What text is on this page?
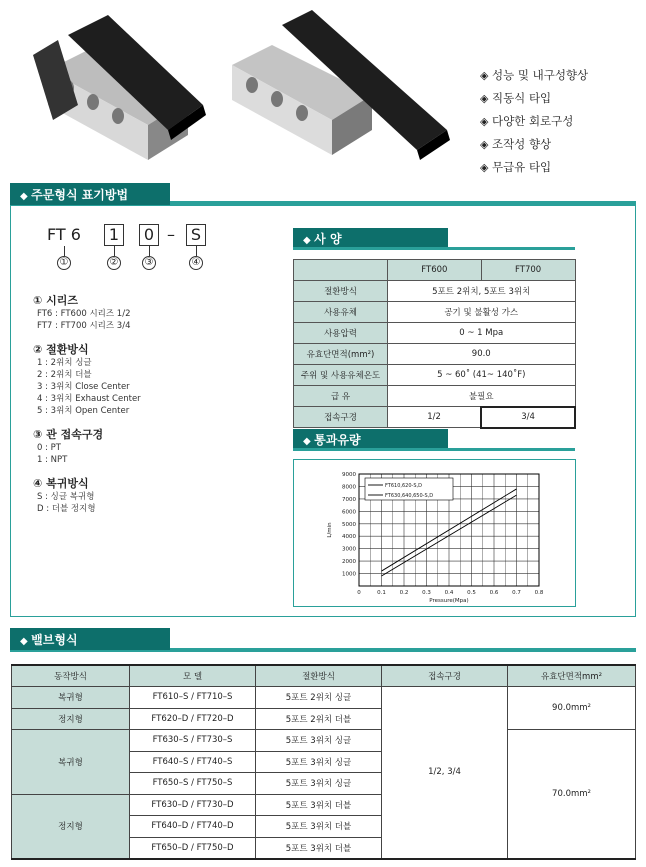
◈ 성능 및 내구성향상
◈ 직동식 타입
◈ 다양한 회로구성
◈ 조작성 향상
◈ 무급유 타입
◆ 주문형식 표기방법
FT 6	1	0 – S
①	②	③	④
① 시리즈
FT6 : FT600 시리즈 1/2
FT7 : FT700 시리즈 3/4
② 절환방식
1 : 2위치 싱글
2 : 2위치 더블
3 : 3위치 Close Center
4 : 3위치 Exhaust Center
5 : 3위치 Open Center
③ 관 접속구경
0 : PT
1 : NPT
④ 복귀방식
S : 싱글 복귀형
D : 더블 정지형
◆ 사 양
	FT600	FT700
절환방식	5포트 2위치, 5포트 3위치	
사용유체	공기 및 불활성 가스	
사용압력	0 ~ 1 Mpa	
유효단면적(mm²)	90.0	
주위 및 사용유체온도	5 ~ 60˚ (41~ 140˚F)	
급 유	불필요	
접속구경	1/2	3/4
◆ 통과유량
9000
8000
7000
6000
5000
4000
3000
2000
1000
0	0.1	0.2	0.3	0.4	0.5	0.6	0.7	0.8
Pressure(Mpa)
L/min
FT610,620-S,D
FT630,640,650-S,D
◆ 밸브형식
동작방식	모 델	절환방식	접속구경	유효단면적mm²
복귀형	FT610–S / FT710–S	5포트 2위치 싱글	1/2, 3/4	90.0mm²
정지형	FT620–D / FT720–D	5포트 2위치 더블		
복귀형	FT630–S / FT730–S	5포트 3위치 싱글		70.0mm²
	FT640–S / FT740–S	5포트 3위치 싱글		
	FT650–S / FT750–S	5포트 3위치 싱글		
정지형	FT630–D / FT730–D	5포트 3위치 더블		
	FT640–D / FT740–D	5포트 3위치 더블		
	FT650–D / FT750–D	5포트 3위치 더블		
